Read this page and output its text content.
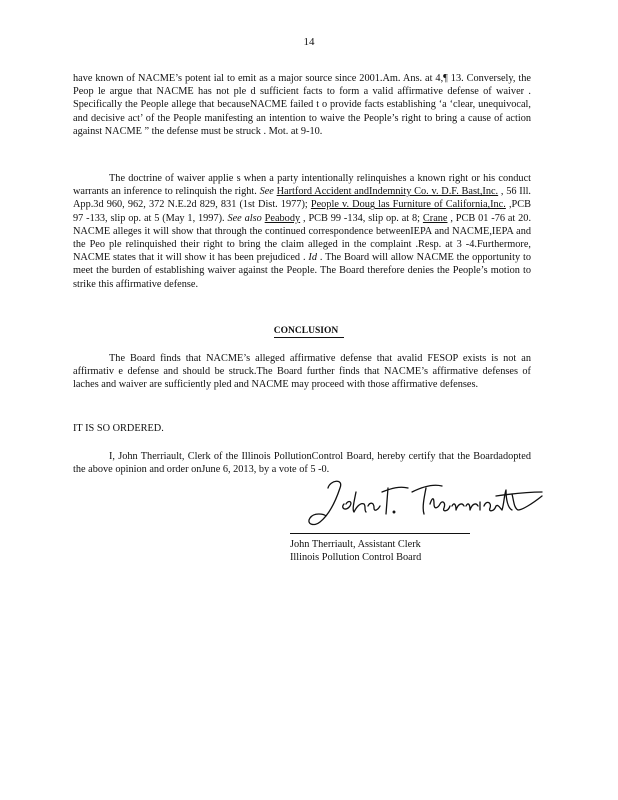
14

have known of NACME’s potent ial to emit as a major source since 2001.Am. Ans. at 4,¶ 13. Conversely, the Peop le argue that NACME has not ple d sufficient facts to form a valid affirmative defense of waiver . Specifically the People allege that becauseNACME failed t o provide facts establishing ‘a ‘clear, unequivocal, and decisive act’ of the People manifesting an intention to waive the People’s right to bring a cause of action against NACME ” the defense must be struck . Mot. at 9-10.

The doctrine of waiver applie s when a party intentionally relinquishes a known right or his conduct warrants an inference to relinquish the right. See Hartford Accident andIndemnity Co. v. D.F. Bast,Inc. , 56 Ill. App.3d 960, 962, 372 N.E.2d 829, 831 (1st Dist. 1977); People v. Doug las Furniture of California,Inc. ,PCB 97 -133, slip op. at 5 (May 1, 1997). See also Peabody , PCB 99 -134, slip op. at 8; Crane , PCB 01 -76 at 20. NACME alleges it will show that through the continued correspondence betweenIEPA and NACME,IEPA and the Peo ple relinquished their right to bring the claim alleged in the complaint .Resp. at 3 -4.Furthermore, NACME states that it will show it has been prejudiced . Id . The Board will allow NACME the opportunity to meet the burden of establishing waiver against the People. The Board therefore denies the People’s motion to strike this affirmative defense.

CONCLUSION

The Board finds that NACME’s alleged affirmative defense that avalid FESOP exists is not an affirmativ e defense and should be struck.The Board further finds that NACME’s affirmative defenses of laches and waiver are sufficiently pled and NACME may proceed with those affirmative defenses.

IT IS SO ORDERED.

I, John Therriault, Clerk of the Illinois PollutionControl Board, hereby certify that the Boardadopted the above opinion and order onJune 6, 2013, by a vote of 5 -0.

John Therriault, Assistant Clerk
Illinois Pollution Control Board
